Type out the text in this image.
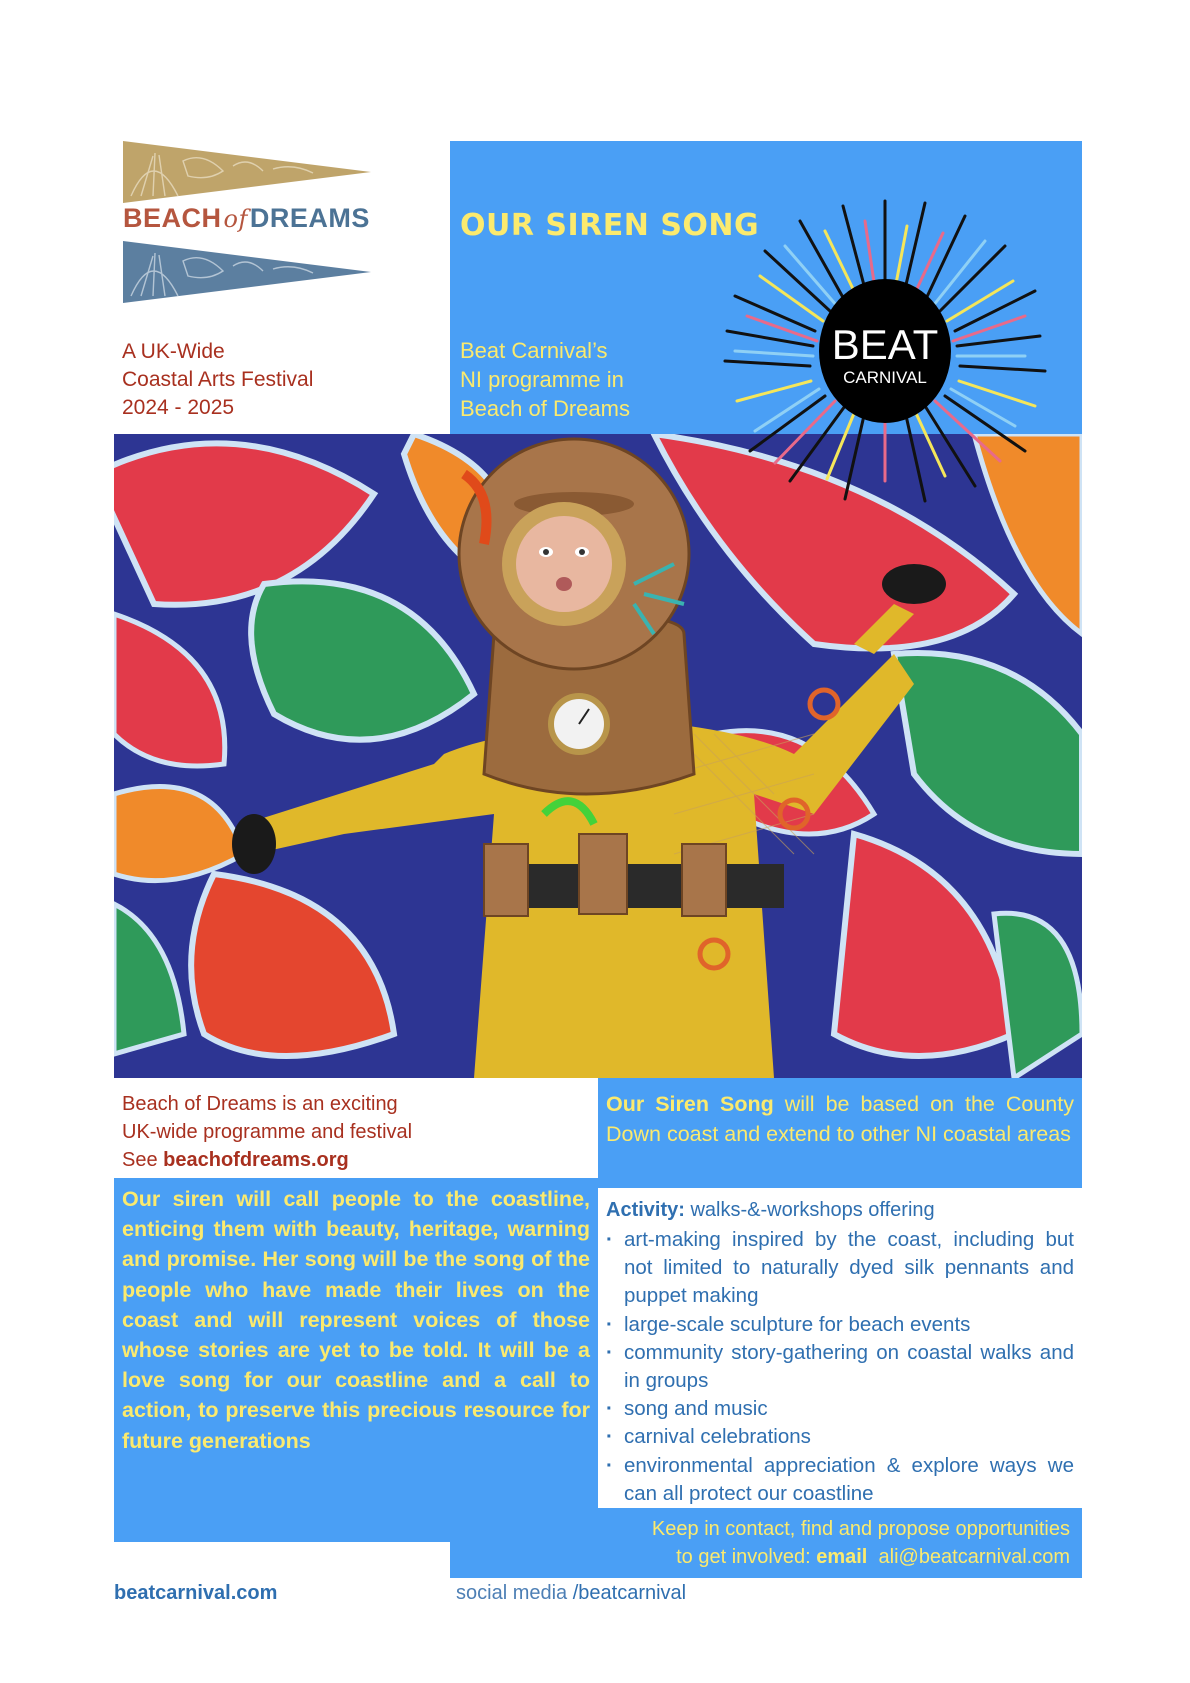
BEACHofDREAMS
A UK-Wide
Coastal Arts Festival
2024 - 2025
OUR SIREN SONG
Beat Carnival’s
NI programme in
Beach of Dreams
BEAT
CARNIVAL
Beach of Dreams is an exciting
UK-wide programme and festival
See beachofdreams.org
Our Siren Song will be based on the County Down coast and extend to other NI coastal areas
Our siren will call people to the coastline, enticing them with beauty, heritage, warning and promise. Her song will be the song of the people who have made their lives on the coast and will represent voices of those whose stories are yet to be told. It will be a love song for our coastline and a call to action, to preserve this precious resource for future generations
Activity: walks-&-workshops offering
· art-making inspired by the coast, including but not limited to naturally dyed silk pennants and puppet making
· large-scale sculpture for beach events
· community story-gathering on coastal walks and in groups
· song and music
· carnival celebrations
· environmental appreciation & explore ways we can all protect our coastline
Keep in contact, find and propose opportunities
to get involved: email ali@beatcarnival.com
beatcarnival.com	social media /beatcarnival
